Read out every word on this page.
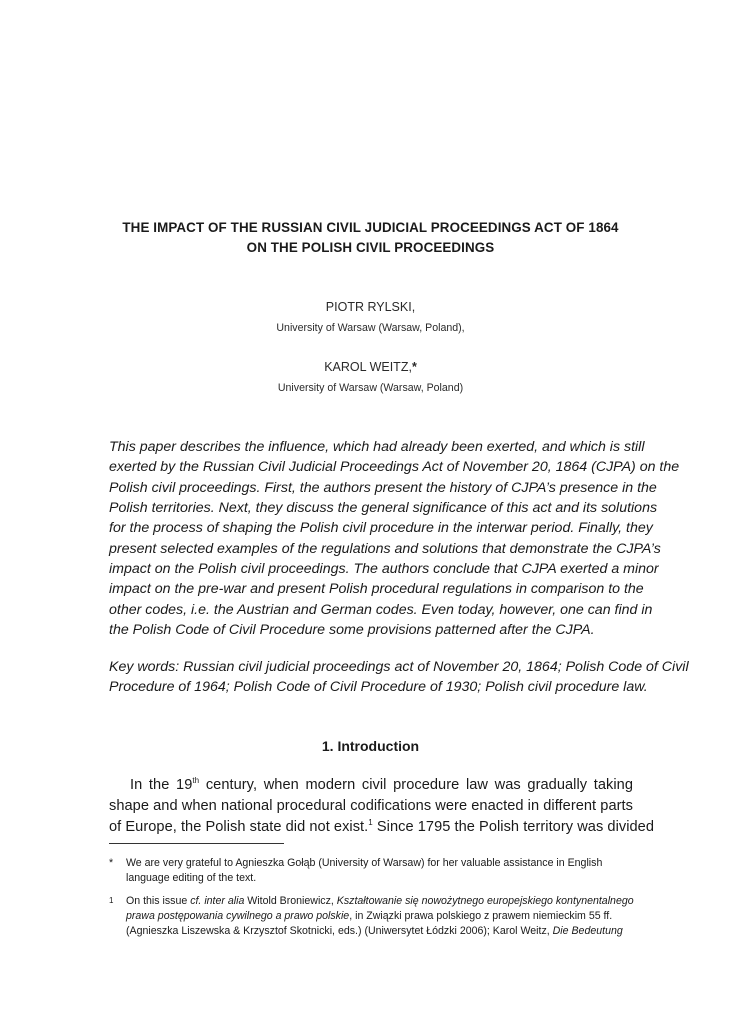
THE IMPACT OF THE RUSSIAN CIVIL JUDICIAL PROCEEDINGS ACT OF 1864
ON THE POLISH CIVIL PROCEEDINGS
PIOTR RYLSKI,
University of Warsaw (Warsaw, Poland),
KAROL WEITZ,*
University of Warsaw (Warsaw, Poland)
This paper describes the influence, which had already been exerted, and which is still
exerted by the Russian Civil Judicial Proceedings Act of November 20, 1864 (CJPA) on the
Polish civil proceedings. First, the authors present the history of CJPA’s presence in the
Polish territories. Next, they discuss the general significance of this act and its solutions
for the process of shaping the Polish civil procedure in the interwar period. Finally, they
present selected examples of the regulations and solutions that demonstrate the CJPA’s
impact on the Polish civil proceedings. The authors conclude that CJPA exerted a minor
impact on the pre-war and present Polish procedural regulations in comparison to the
other codes, i.e. the Austrian and German codes. Even today, however, one can find in
the Polish Code of Civil Procedure some provisions patterned after the CJPA.
Key words: Russian civil judicial proceedings act of November 20, 1864; Polish Code of Civil
Procedure of 1964; Polish Code of Civil Procedure of 1930; Polish civil procedure law.
1. Introduction
In the 19th century, when modern civil procedure law was gradually taking
shape and when national procedural codifications were enacted in different parts
of Europe, the Polish state did not exist.$^1$ Since 1795 the Polish territory was divided
*	We are very grateful to Agnieszka Gołąb (University of Warsaw) for her valuable assistance in English
language editing of the text.
1	On this issue cf. inter alia Witold Broniewicz, Kształtowanie się nowożytnego europejskiego kontynentalnego
prawa postępowania cywilnego a prawo polskie, in Związki prawa polskiego z prawem niemieckim 55 ff.
(Agnieszka Liszewska & Krzysztof Skotnicki, eds.) (Uniwersytet Łódzki 2006); Karol Weitz, Die Bedeutung
